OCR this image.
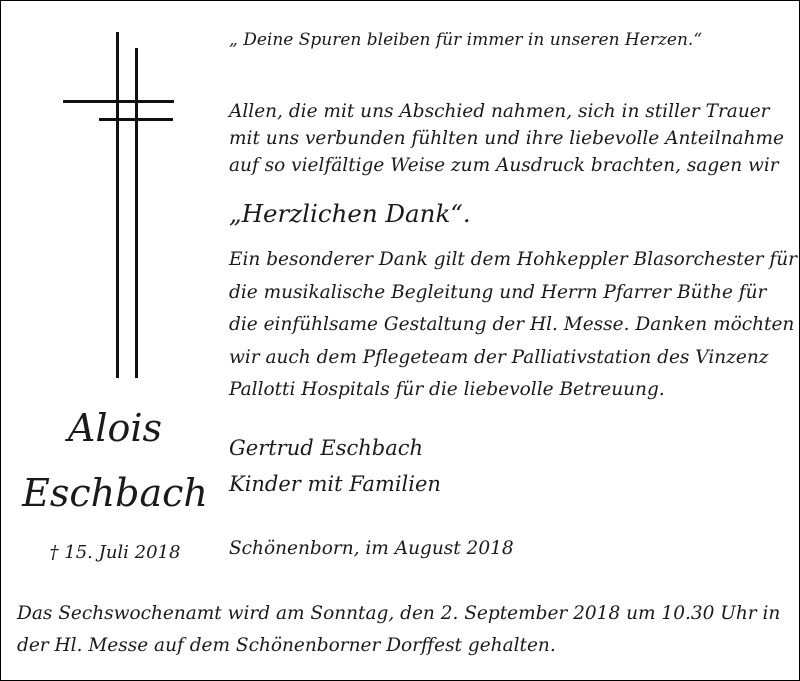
Alois
Eschbach
† 15. Juli 2018
„ Deine Spuren bleiben für immer in unseren Herzen.“
Allen, die mit uns Abschied nahmen, sich in stiller Trauer
mit uns verbunden fühlten und ihre liebevolle Anteilnahme
auf so vielfältige Weise zum Ausdruck brachten, sagen wir
„Herzlichen Dank“.
Ein besonderer Dank gilt dem Hohkeppler Blasorchester für
die musikalische Begleitung und Herrn Pfarrer Büthe für
die einfühlsame Gestaltung der Hl. Messe. Danken möchten
wir auch dem Pflegeteam der Palliativstation des Vinzenz
Pallotti Hospitals für die liebevolle Betreuung.
Gertrud Eschbach
Kinder mit Familien
Schönenborn, im August 2018
Das Sechswochenamt wird am Sonntag, den 2. September 2018 um 10.30 Uhr in
der Hl. Messe auf dem Schönenborner Dorffest gehalten.
